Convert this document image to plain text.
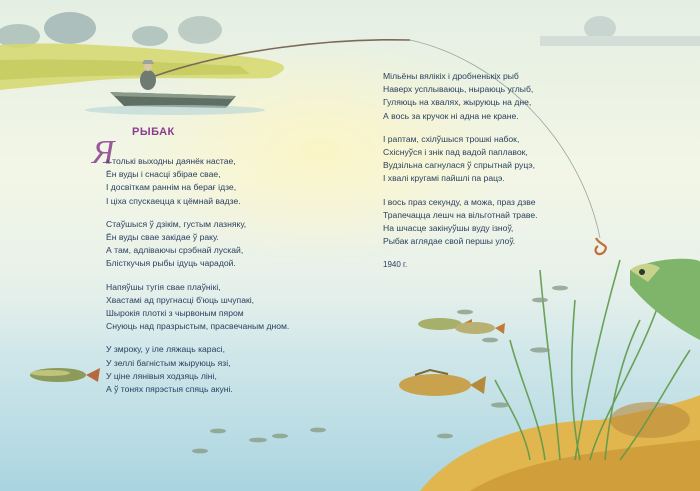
РЫБАК
Я
к толькі выходны даянёк настае,
Ён вуды і снасці збірае свае,
І досвіткам раннім на берағ ідзе,
І ціха спускаецца к цёмнай вадзе.
Стаўшыся ў дзікім, густым лазняку,
Ён вуды свае закідае ў раку.
А там, адліваючы срэбнай лускай,
Блісткучыя рыбы ідуць чарадой.
Напяўшы тугія свае плаўнікі,
Хвастамі ад пругнасці б'юць шчупакі,
Шырокія плоткі з чырвоным пяром
Снуюць над празрыстым, прасвечаным дном.
У змроку, у іле ляжаць карасі,
У зеллі багністым жыруюць язі,
У ціне лянівыя ходзяць ліні,
А ў тонях пярэстыя спяць акуні.
Мільёны вялікіх і дробненькіх рыб
Наверх усплываюць, ныраюць углыб,
Гуляюць на хвалях, жыруюць на дне,
А вось за кручок ні адна не кране.
І раптам, схілўшыся трошкі набок,
Схіснуўся і знік пад вадой паплавок,
Вудзільна сагнулася ў спрытнай руцэ,
І хвалі кругамі пайшлі па рацэ.
І вось праз секунду, а можа, праз дзве
Трапечацца лешч на вільготнай траве.
На шчасце закінуўшы вуду ізноў,
Рыбак аглядае свой першы улоў.
1940 г.
